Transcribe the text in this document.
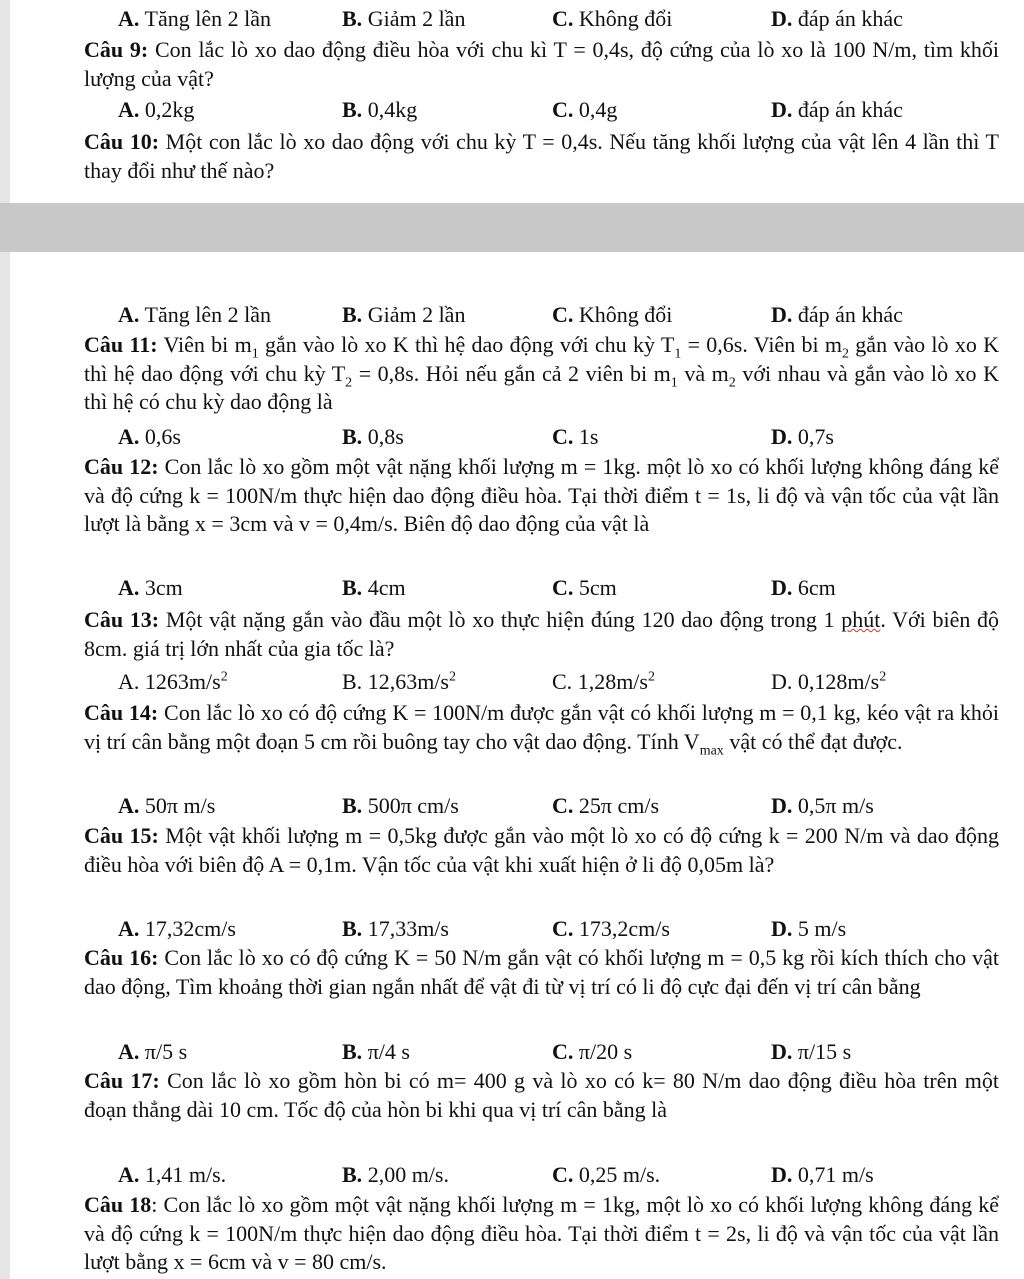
A. Tăng lên 2 lần	B. Giảm 2 lần	C. Không đổi	D. đáp án khác

Câu 9: Con lắc lò xo dao động điều hòa với chu kì T = 0,4s, độ cứng của lò xo là 100 N/m, tìm khối lượng của vật?

A. 0,2kg	B. 0,4kg	C. 0,4g	D. đáp án khác

Câu 10: Một con lắc lò xo dao động với chu kỳ T = 0,4s. Nếu tăng khối lượng của vật lên 4 lần thì T thay đổi như thế nào?

A. Tăng lên 2 lần	B. Giảm 2 lần	C. Không đổi	D. đáp án khác

Câu 11: Viên bi $m_1$ gắn vào lò xo K thì hệ dao động với chu kỳ $T_1 = 0,6s$. Viên bi $m_2$ gắn vào lò xo K thì hệ dao động với chu kỳ $T_2 = 0,8s$. Hỏi nếu gắn cả 2 viên bi $m_1$ và $m_2$ với nhau và gắn vào lò xo K thì hệ có chu kỳ dao động là

A. 0,6s	B. 0,8s	C. 1s	D. 0,7s

Câu 12: Con lắc lò xo gồm một vật nặng khối lượng m = 1kg. một lò xo có khối lượng không đáng kể và độ cứng k = 100N/m thực hiện dao động điều hòa. Tại thời điểm t = 1s, li độ và vận tốc của vật lần lượt là bằng x = 3cm và v = 0,4m/s. Biên độ dao động của vật là

A. 3cm	B. 4cm	C. 5cm	D. 6cm

Câu 13: Một vật nặng gắn vào đầu một lò xo thực hiện đúng 120 dao động trong 1 phút. Với biên độ 8cm. giá trị lớn nhất của gia tốc là?

A. $1263m/s^2$	B. $12,63m/s^2$	C. $1,28m/s^2$	D. $0,128m/s^2$

Câu 14: Con lắc lò xo có độ cứng K = 100N/m được gắn vật có khối lượng m = 0,1 kg, kéo vật ra khỏi vị trí cân bằng một đoạn 5 cm rồi buông tay cho vật dao động. Tính $V_{max}$ vật có thể đạt được.

A. 50π m/s	B. 500π cm/s	C. 25π cm/s	D. 0,5π m/s

Câu 15: Một vật khối lượng m = 0,5kg được gắn vào một lò xo có độ cứng k = 200 N/m và dao động điều hòa với biên độ A = 0,1m. Vận tốc của vật khi xuất hiện ở li độ 0,05m là?

A. 17,32cm/s	B. 17,33m/s	C. 173,2cm/s	D. 5 m/s

Câu 16: Con lắc lò xo có độ cứng K = 50 N/m gắn vật có khối lượng m = 0,5 kg rồi kích thích cho vật dao động, Tìm khoảng thời gian ngắn nhất để vật đi từ vị trí có li độ cực đại đến vị trí cân bằng

A. π/5 s	B. π/4 s	C. π/20 s	D. π/15 s

Câu 17: Con lắc lò xo gồm hòn bi có m= 400 g và lò xo có k= 80 N/m dao động điều hòa trên một đoạn thẳng dài 10 cm. Tốc độ của hòn bi khi qua vị trí cân bằng là

A. 1,41 m/s.	B. 2,00 m/s.	C. 0,25 m/s.	D. 0,71 m/s

Câu 18: Con lắc lò xo gồm một vật nặng khối lượng m = 1kg, một lò xo có khối lượng không đáng kể và độ cứng k = 100N/m thực hiện dao động điều hòa. Tại thời điểm t = 2s, li độ và vận tốc của vật lần lượt bằng x = 6cm và v = 80 cm/s.
